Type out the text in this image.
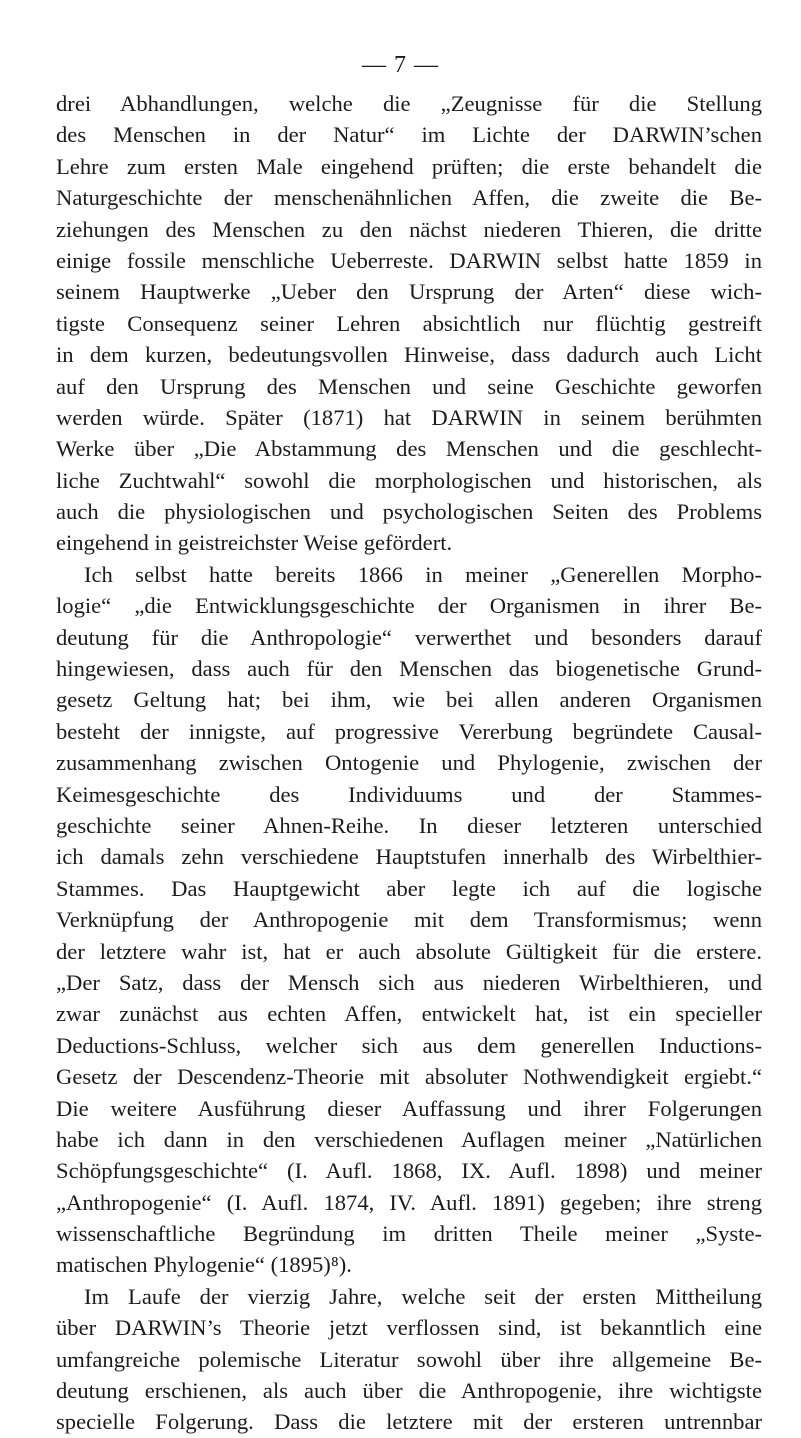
— 7 —
drei Abhandlungen, welche die „Zeugnisse für die Stellung
des Menschen in der Natur“ im Lichte der DARWIN’schen
Lehre zum ersten Male eingehend prüften; die erste behandelt die
Naturgeschichte der menschenähnlichen Affen, die zweite die Be-
ziehungen des Menschen zu den nächst niederen Thieren, die dritte
einige fossile menschliche Ueberreste. DARWIN selbst hatte 1859 in
seinem Hauptwerke „Ueber den Ursprung der Arten“ diese wich-
tigste Consequenz seiner Lehren absichtlich nur flüchtig gestreift
in dem kurzen, bedeutungsvollen Hinweise, dass dadurch auch Licht
auf den Ursprung des Menschen und seine Geschichte geworfen
werden würde. Später (1871) hat DARWIN in seinem berühmten
Werke über „Die Abstammung des Menschen und die geschlecht-
liche Zuchtwahl“ sowohl die morphologischen und historischen, als
auch die physiologischen und psychologischen Seiten des Problems
eingehend in geistreichster Weise gefördert.
Ich selbst hatte bereits 1866 in meiner „Generellen Morpho-
logie“ „die Entwicklungsgeschichte der Organismen in ihrer Be-
deutung für die Anthropologie“ verwerthet und besonders darauf
hingewiesen, dass auch für den Menschen das biogenetische Grund-
gesetz Geltung hat; bei ihm, wie bei allen anderen Organismen
besteht der innigste, auf progressive Vererbung begründete Causal-
zusammenhang zwischen Ontogenie und Phylogenie, zwischen der
Keimesgeschichte des Individuums und der Stammes-
geschichte seiner Ahnen-Reihe. In dieser letzteren unterschied
ich damals zehn verschiedene Hauptstufen innerhalb des Wirbelthier-
Stammes. Das Hauptgewicht aber legte ich auf die logische
Verknüpfung der Anthropogenie mit dem Transformismus; wenn
der letztere wahr ist, hat er auch absolute Gültigkeit für die erstere.
„Der Satz, dass der Mensch sich aus niederen Wirbelthieren, und
zwar zunächst aus echten Affen, entwickelt hat, ist ein specieller
Deductions-Schluss, welcher sich aus dem generellen Inductions-
Gesetz der Descendenz-Theorie mit absoluter Nothwendigkeit ergiebt.“
Die weitere Ausführung dieser Auffassung und ihrer Folgerungen
habe ich dann in den verschiedenen Auflagen meiner „Natürlichen
Schöpfungsgeschichte“ (I. Aufl. 1868, IX. Aufl. 1898) und meiner
„Anthropogenie“ (I. Aufl. 1874, IV. Aufl. 1891) gegeben; ihre streng
wissenschaftliche Begründung im dritten Theile meiner „Syste-
matischen Phylogenie“ (1895)⁸).
Im Laufe der vierzig Jahre, welche seit der ersten Mittheilung
über DARWIN’s Theorie jetzt verflossen sind, ist bekanntlich eine
umfangreiche polemische Literatur sowohl über ihre allgemeine Be-
deutung erschienen, als auch über die Anthropogenie, ihre wichtigste
specielle Folgerung. Dass die letztere mit der ersteren untrennbar
